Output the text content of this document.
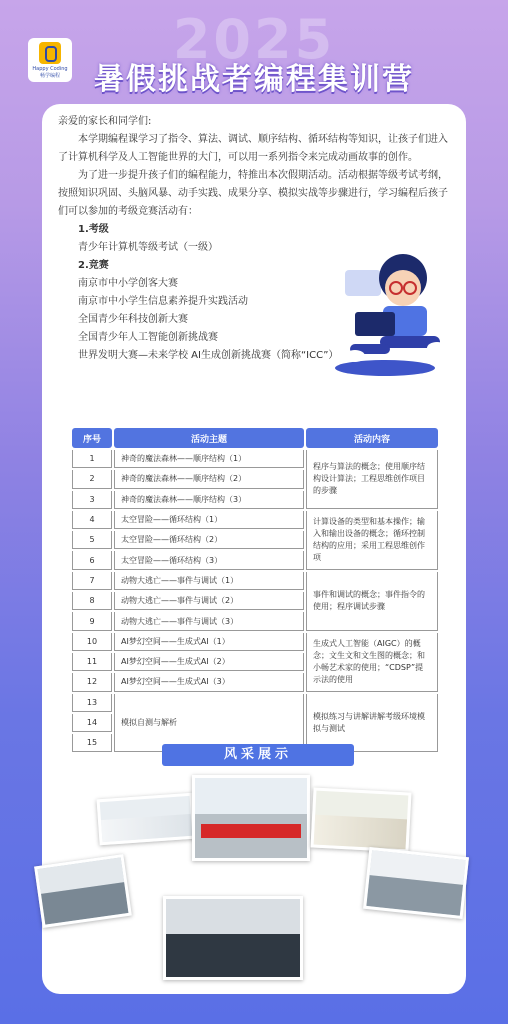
2025
Happy Coding
畅学编程	暑假挑战者编程集训营

亲爱的家长和同学们:

本学期编程课学习了指令、算法、调试、顺序结构、循环结构等知识，让孩子们进入了计算机科学及人工智能世界的大门，可以用一系列指令来完成动画故事的创作。

为了进一步提升孩子们的编程能力，特推出本次假期活动。活动根据等级考试考纲，按照知识巩固、头脑风暴、动手实践、成果分享、模拟实战等步骤进行，学习编程后孩子们可以参加的考级竞赛活动有：

1.考级

青少年计算机等级考试（一级）

2.竞赛

南京市中小学创客大赛

南京市中小学生信息素养提升实践活动

全国青少年科技创新大赛

全国青少年人工智能创新挑战赛

世界发明大赛—未来学校 AI生成创新挑战赛（简称“ICC”）

序号	活动主题	活动内容
1	神奇的魔法森林——顺序结构（1）	程序与算法的概念；使用顺序结构设计算法；工程思维创作项目的步骤
2	神奇的魔法森林——顺序结构（2）	
3	神奇的魔法森林——顺序结构（3）	
4	太空冒险——循环结构（1）	计算设备的类型和基本操作；输入和输出设备的概念；循环控制结构的应用；采用工程思维创作项
5	太空冒险——循环结构（2）	
6	太空冒险——循环结构（3）	
7	动物大逃亡——事件与调试（1）	事件和调试的概念；事件指令的使用；程序调试步骤
8	动物大逃亡——事件与调试（2）	
9	动物大逃亡——事件与调试（3）	
10	AI梦幻空间——生成式AI（1）	生成式人工智能（AIGC）的概念；文生文和文生图的概念；和小畅艺术家的使用；“CDSP”提示法的使用
11	AI梦幻空间——生成式AI（2）	
12	AI梦幻空间——生成式AI（3）	
13	模拟自测与解析	模拟练习与讲解讲解考级环境模拟与测试
14		
15		
风采展示
